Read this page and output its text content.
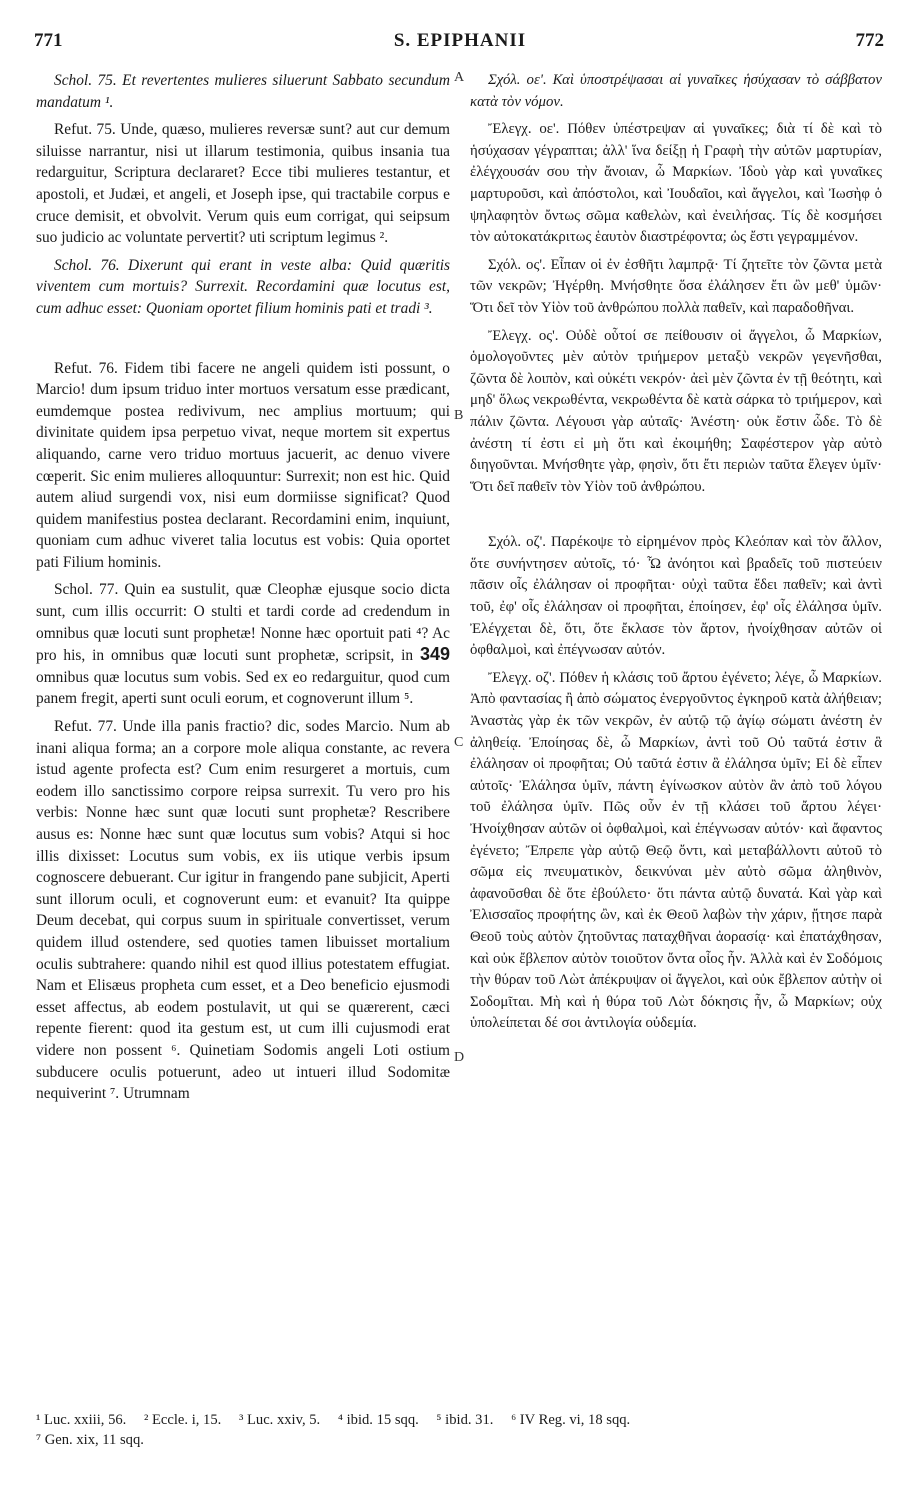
771	S. EPIPHANII	772
A
B
C
D

Schol. 75. Et revertentes mulieres siluerunt Sabbato secundum mandatum ¹.

Refut. 75. Unde, quæso, mulieres reversæ sunt? aut cur demum siluisse narrantur, nisi ut illarum testimonia, quibus insania tua redarguitur, Scriptura declararet? Ecce tibi mulieres testantur, et apostoli, et Judæi, et angeli, et Joseph ipse, qui tractabile corpus e cruce demisit, et obvolvit. Verum quis eum corrigat, qui seipsum suo judicio ac voluntate pervertit? uti scriptum legimus ².

Schol. 76. Dixerunt qui erant in veste alba: Quid quæritis viventem cum mortuis? Surrexit. Recordamini quæ locutus est, cum adhuc esset: Quoniam oportet filium hominis pati et tradi ³.

Refut. 76. Fidem tibi facere ne angeli quidem isti possunt, o Marcio! dum ipsum triduo inter mortuos versatum esse prædicant, eumdemque postea redivivum, nec amplius mortuum; qui divinitate quidem ipsa perpetuo vivat, neque mortem sit expertus aliquando, carne vero triduo mortuus jacuerit, ac denuo vivere cœperit. Sic enim mulieres alloquuntur: Surrexit; non est hic. Quid autem aliud surgendi vox, nisi eum dormiisse significat? Quod quidem manifestius postea declarant. Recordamini enim, inquiunt, quoniam cum adhuc viveret talia locutus est vobis: Quia oportet pati Filium hominis.

Schol. 77. Quin ea sustulit, quæ Cleophæ ejusque socio dicta sunt, cum illis occurrit: O stulti et tardi corde ad credendum in omnibus quæ locuti sunt prophetæ! Nonne hæc oportuit pati ⁴? Ac pro his, in omnibus quæ locuti sunt prophetæ, scripsit, in 349 omnibus quæ locutus sum vobis. Sed ex eo redarguitur, quod cum panem fregit, aperti sunt oculi eorum, et cognoverunt illum ⁵.

Refut. 77. Unde illa panis fractio? dic, sodes Marcio. Num ab inani aliqua forma; an a corpore mole aliqua constante, ac revera istud agente profecta est? Cum enim resurgeret a mortuis, cum eodem illo sanctissimo corpore reipsa surrexit. Tu vero pro his verbis: Nonne hæc sunt quæ locuti sunt prophetæ? Rescribere ausus es: Nonne hæc sunt quæ locutus sum vobis? Atqui si hoc illis dixisset: Locutus sum vobis, ex iis utique verbis ipsum cognoscere debuerant. Cur igitur in frangendo pane subjicit, Aperti sunt illorum oculi, et cognoverunt eum: et evanuit? Ita quippe Deum decebat, qui corpus suum in spirituale convertisset, verum quidem illud ostendere, sed quoties tamen libuisset mortalium oculis subtrahere: quando nihil est quod illius potestatem effugiat. Nam et Elisæus propheta cum esset, et a Deo beneficio ejusmodi esset affectus, ab eodem postulavit, ut qui se quærerent, cæci repente fierent: quod ita gestum est, ut cum illi cujusmodi erat videre non possent ⁶. Quinetiam Sodomis angeli Loti ostium subducere oculis potuerunt, adeo ut intueri illud Sodomitæ nequiverint ⁷. Utrumnam

Σχόλ. οε'. Καὶ ὑποστρέψασαι αἱ γυναῖκες ἡσύχασαν τὸ σάββατον κατὰ τὸν νόμον.

Ἔλεγχ. οε'. Πόθεν ὑπέστρεψαν αἱ γυναῖκες; διὰ τί δὲ καὶ τὸ ἡσύχασαν γέγραπται; ἀλλ' ἵνα δείξῃ ἡ Γραφὴ τὴν αὐτῶν μαρτυρίαν, ἐλέγχουσάν σου τὴν ἄνοιαν, ὦ Μαρκίων. Ἰδοὺ γὰρ καὶ γυναῖκες μαρτυροῦσι, καὶ ἀπόστολοι, καὶ Ἰουδαῖοι, καὶ ἄγγελοι, καὶ Ἰωσὴφ ὁ ψηλαφητὸν ὄντως σῶμα καθελὼν, καὶ ἐνειλήσας. Τίς δὲ κοσμήσει τὸν αὐτοκατάκριτως ἑαυτὸν διαστρέφοντα; ὡς ἔστι γεγραμμένον.

Σχόλ. ος'. Εἶπαν οἱ ἐν ἐσθῆτι λαμπρᾷ· Τί ζητεῖτε τὸν ζῶντα μετὰ τῶν νεκρῶν; Ἠγέρθη. Μνήσθητε ὅσα ἐλάλησεν ἔτι ὢν μεθ' ὑμῶν· Ὅτι δεῖ τὸν Υἱὸν τοῦ ἀνθρώπου πολλὰ παθεῖν, καὶ παραδοθῆναι.

Ἔλεγχ. ος'. Οὐδὲ οὗτοί σε πείθουσιν οἱ ἄγγελοι, ὦ Μαρκίων, ὁμολογοῦντες μὲν αὐτὸν τριήμερον μεταξὺ νεκρῶν γεγενῆσθαι, ζῶντα δὲ λοιπὸν, καὶ οὐκέτι νεκρόν· ἀεὶ μὲν ζῶντα ἐν τῇ θεότητι, καὶ μηδ' ὅλως νεκρωθέντα, νεκρωθέντα δὲ κατὰ σάρκα τὸ τριήμερον, καὶ πάλιν ζῶντα. Λέγουσι γὰρ αὐταῖς· Ἀνέστη· οὐκ ἔστιν ὧδε. Τὸ δὲ ἀνέστη τί ἐστι εἰ μὴ ὅτι καὶ ἐκοιμήθη; Σαφέστερον γὰρ αὐτὸ διηγοῦνται. Μνήσθητε γὰρ, φησὶν, ὅτι ἔτι περιὼν ταῦτα ἔλεγεν ὑμῖν· Ὅτι δεῖ παθεῖν τὸν Υἱὸν τοῦ ἀνθρώπου.

Σχόλ. οζ'. Παρέκοψε τὸ εἰρημένον πρὸς Κλεόπαν καὶ τὸν ἄλλον, ὅτε συνήντησεν αὐτοῖς, τό· Ὦ ἀνόητοι καὶ βραδεῖς τοῦ πιστεύειν πᾶσιν οἷς ἐλάλησαν οἱ προφῆται· οὐχὶ ταῦτα ἔδει παθεῖν; καὶ ἀντὶ τοῦ, ἐφ' οἷς ἐλάλησαν οἱ προφῆται, ἐποίησεν, ἐφ' οἷς ἐλάλησα ὑμῖν. Ἐλέγχεται δὲ, ὅτι, ὅτε ἔκλασε τὸν ἄρτον, ἠνοίχθησαν αὐτῶν οἱ ὀφθαλμοὶ, καὶ ἐπέγνωσαν αὐτόν.

Ἔλεγχ. οζ'. Πόθεν ἡ κλάσις τοῦ ἄρτου ἐγένετο; λέγε, ὦ Μαρκίων. Ἀπὸ φαντασίας ἢ ἀπὸ σώματος ἐνεργοῦντος ἐγκηροῦ κατὰ ἀλήθειαν; Ἀναστὰς γὰρ ἐκ τῶν νεκρῶν, ἐν αὐτῷ τῷ ἁγίῳ σώματι ἀνέστη ἐν ἀληθείᾳ. Ἐποίησας δὲ, ὦ Μαρκίων, ἀντὶ τοῦ Οὐ ταῦτά ἐστιν ἃ ἐλάλησαν οἱ προφῆται; Οὐ ταῦτά ἐστιν ἃ ἐλάλησα ὑμῖν; Εἰ δὲ εἶπεν αὐτοῖς· Ἐλάλησα ὑμῖν, πάντη ἐγίνωσκον αὐτὸν ἂν ἀπὸ τοῦ λόγου τοῦ ἐλάλησα ὑμῖν. Πῶς οὖν ἐν τῇ κλάσει τοῦ ἄρτου λέγει· Ἠνοίχθησαν αὐτῶν οἱ ὀφθαλμοὶ, καὶ ἐπέγνωσαν αὐτόν· καὶ ἄφαντος ἐγένετο; Ἔπρεπε γὰρ αὐτῷ Θεῷ ὄντι, καὶ μεταβάλλοντι αὐτοῦ τὸ σῶμα εἰς πνευματικὸν, δεικνύναι μὲν αὐτὸ σῶμα ἀληθινὸν, ἀφανοῦσθαι δὲ ὅτε ἐβούλετο· ὅτι πάντα αὐτῷ δυνατά. Καὶ γὰρ καὶ Ἐλισσαῖος προφήτης ὢν, καὶ ἐκ Θεοῦ λαβὼν τὴν χάριν, ᾔτησε παρὰ Θεοῦ τοὺς αὐτὸν ζητοῦντας παταχθῆναι ἀορασίᾳ· καὶ ἐπατάχθησαν, καὶ οὐκ ἔβλεπον αὐτὸν τοιοῦτον ὄντα οἷος ἦν. Ἀλλὰ καὶ ἐν Σοδόμοις τὴν θύραν τοῦ Λὼτ ἀπέκρυψαν οἱ ἄγγελοι, καὶ οὐκ ἔβλεπον αὐτὴν οἱ Σοδομῖται. Μὴ καὶ ἡ θύρα τοῦ Λὼτ δόκησις ἦν, ὦ Μαρκίων; οὐχ ὑπολείπεται δέ σοι ἀντιλογία οὐδεμία.

¹ Luc. xxiii, 56. ² Eccle. i, 15. ³ Luc. xxiv, 5. ⁴ ibid. 15 sqq. ⁵ ibid. 31. ⁶ IV Reg. vi, 18 sqq.
⁷ Gen. xix, 11 sqq.
